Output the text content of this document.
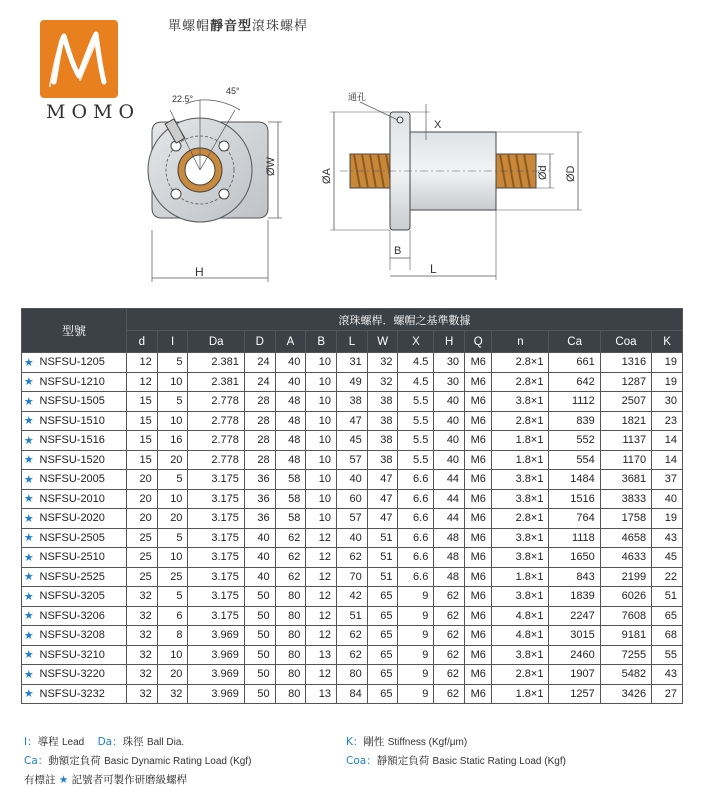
MOMO
單螺帽靜音型滾珠螺桿
22.5°
45°
ØW
H
通孔
X
ØA	Ød ØD
B
L
型號		滾珠螺桿．螺帽之基準數據														
		d	I	Da	D	A	B	L	W	X	H	Q	n	Ca	Coa	K
★	NSFSU-1205	12	5	2.381	24	40	10	31	32	4.5	30	M6	2.8×1	661	1316	19
★	NSFSU-1210	12	10	2.381	24	40	10	49	32	4.5	30	M6	2.8×1	642	1287	19
★	NSFSU-1505	15	5	2.778	28	48	10	38	38	5.5	40	M6	3.8×1	1112	2507	30
★	NSFSU-1510	15	10	2.778	28	48	10	47	38	5.5	40	M6	2.8×1	839	1821	23
★	NSFSU-1516	15	16	2.778	28	48	10	45	38	5.5	40	M6	1.8×1	552	1137	14
★	NSFSU-1520	15	20	2.778	28	48	10	57	38	5.5	40	M6	1.8×1	554	1170	14
★	NSFSU-2005	20	5	3.175	36	58	10	40	47	6.6	44	M6	3.8×1	1484	3681	37
★	NSFSU-2010	20	10	3.175	36	58	10	60	47	6.6	44	M6	3.8×1	1516	3833	40
★	NSFSU-2020	20	20	3.175	36	58	10	57	47	6.6	44	M6	2.8×1	764	1758	19
★	NSFSU-2505	25	5	3.175	40	62	12	40	51	6.6	48	M6	3.8×1	1118	4658	43
★	NSFSU-2510	25	10	3.175	40	62	12	62	51	6.6	48	M6	3.8×1	1650	4633	45
★	NSFSU-2525	25	25	3.175	40	62	12	70	51	6.6	48	M6	1.8×1	843	2199	22
★	NSFSU-3205	32	5	3.175	50	80	12	42	65	9	62	M6	3.8×1	1839	6026	51
★	NSFSU-3206	32	6	3.175	50	80	12	51	65	9	62	M6	4.8×1	2247	7608	65
★	NSFSU-3208	32	8	3.969	50	80	12	62	65	9	62	M6	4.8×1	3015	9181	68
★	NSFSU-3210	32	10	3.969	50	80	13	62	65	9	62	M6	3.8×1	2460	7255	55
★	NSFSU-3220	32	20	3.969	50	80	12	80	65	9	62	M6	2.8×1	1907	5482	43
★	NSFSU-3232	32	32	3.969	50	80	13	84	65	9	62	M6	1.8×1	1257	3426	27
I：導程 Lead Da：珠徑 Ball Dia.	K：剛性 Stiffness (Kgf/μm)
Ca：動額定負荷 Basic Dynamic Rating Load (Kgf)	Coa：靜額定負荷 Basic Static Rating Load (Kgf)
有標註 ★ 記號者可製作研磨級螺桿
